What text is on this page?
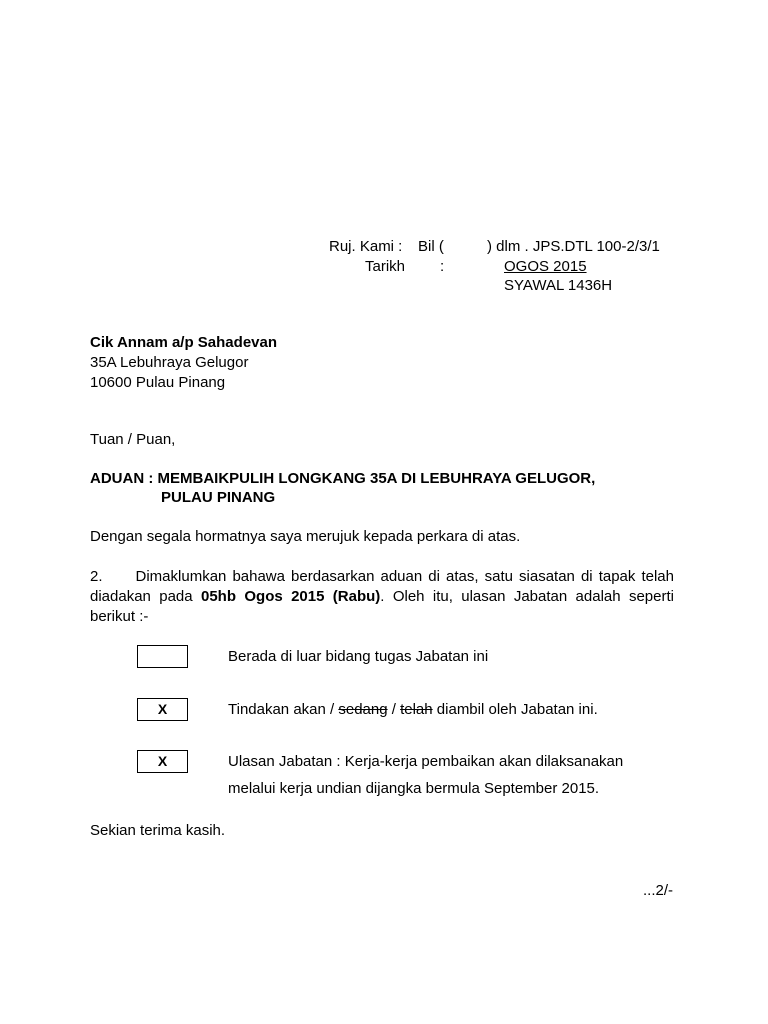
Ruj. Kami : Bil (	) dlm . JPS.DTL 100-2/3/1
Tarikh :	OGOS 2015
SYAWAL 1436H
Cik Annam a/p Sahadevan
35A Lebuhraya Gelugor
10600 Pulau Pinang
Tuan / Puan,
ADUAN : MEMBAIKPULIH LONGKANG 35A DI LEBUHRAYA GELUGOR,
PULAU PINANG
Dengan segala hormatnya saya merujuk kepada perkara di atas.
2. Dimaklumkan bahawa berdasarkan aduan di atas, satu siasatan di tapak telah diadakan pada 05hb Ogos 2015 (Rabu). Oleh itu, ulasan Jabatan adalah seperti berikut :-
Berada di luar bidang tugas Jabatan ini
X	Tindakan akan / sedang / telah diambil oleh Jabatan ini.
X	Ulasan Jabatan : Kerja-kerja pembaikan akan dilaksanakan
melalui kerja undian dijangka bermula September 2015.
Sekian terima kasih.
...2/-
